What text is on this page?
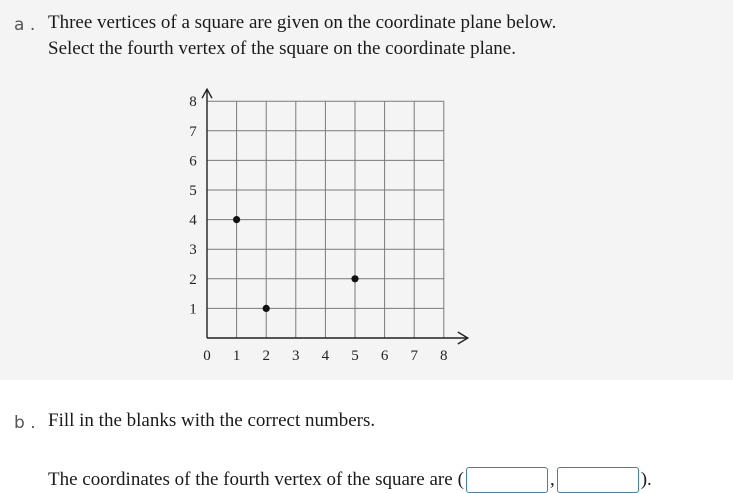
a . Three vertices of a square are given on the coordinate plane below.
Select the fourth vertex of the square on the coordinate plane.
0 1 2 3 4 5 6 7 8
1
2
3
4
5
6
7
8
b . Fill in the blanks with the correct numbers.
The coordinates of the fourth vertex of the square are (	,	).
